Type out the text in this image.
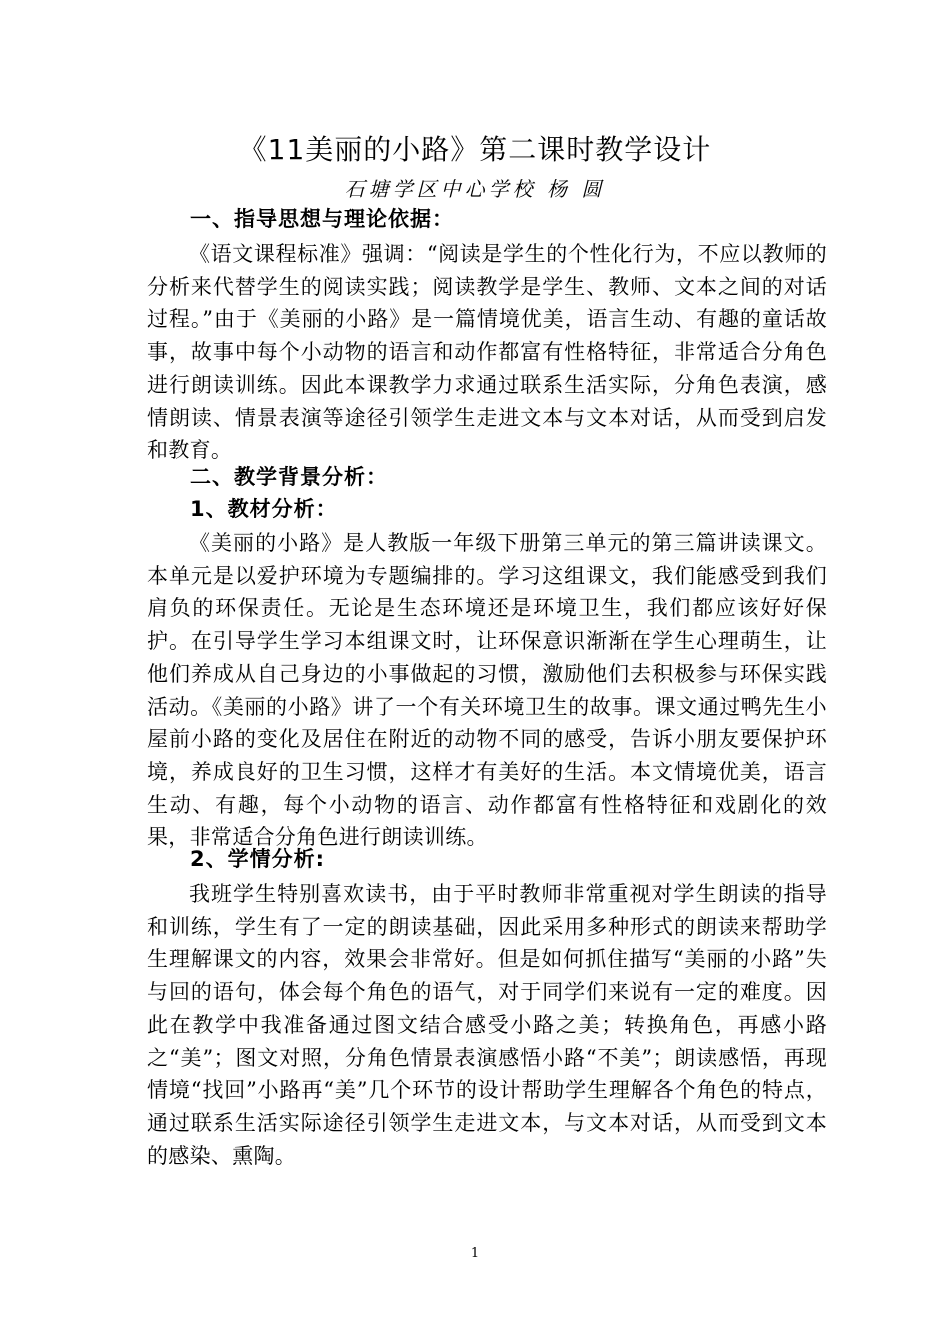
《11美丽的小路》第二课时教学设计
石塘学区中心学校 杨 圆
一、指导思想与理论依据：

《语文课程标准》强调：“阅读是学生的个性化行为，不应以教师的分析来代替学生的阅读实践；阅读教学是学生、教师、文本之间的对话过程。”由于《美丽的小路》是一篇情境优美，语言生动、有趣的童话故事，故事中每个小动物的语言和动作都富有性格特征，非常适合分角色进行朗读训练。因此本课教学力求通过联系生活实际，分角色表演，感情朗读、情景表演等途径引领学生走进文本与文本对话，从而受到启发和教育。

二、教学背景分析：
1、教材分析：

《美丽的小路》是人教版一年级下册第三单元的第三篇讲读课文。本单元是以爱护环境为专题编排的。学习这组课文，我们能感受到我们肩负的环保责任。无论是生态环境还是环境卫生，我们都应该好好保护。在引导学生学习本组课文时，让环保意识渐渐在学生心理萌生，让他们养成从自己身边的小事做起的习惯，激励他们去积极参与环保实践活动。《美丽的小路》讲了一个有关环境卫生的故事。课文通过鸭先生小屋前小路的变化及居住在附近的动物不同的感受，告诉小朋友要保护环境，养成良好的卫生习惯，这样才有美好的生活。本文情境优美，语言生动、有趣，每个小动物的语言、动作都富有性格特征和戏剧化的效果，非常适合分角色进行朗读训练。

2、学情分析:

我班学生特别喜欢读书，由于平时教师非常重视对学生朗读的指导和训练，学生有了一定的朗读基础，因此采用多种形式的朗读来帮助学生理解课文的内容，效果会非常好。但是如何抓住描写“美丽的小路”失与回的语句，体会每个角色的语气，对于同学们来说有一定的难度。因此在教学中我准备通过图文结合感受小路之美；转换角色，再感小路之“美”；图文对照，分角色情景表演感悟小路“不美”；朗读感悟，再现情境“找回”小路再“美”几个环节的设计帮助学生理解各个角色的特点，通过联系生活实际途径引领学生走进文本，与文本对话，从而受到文本的感染、熏陶。

1
